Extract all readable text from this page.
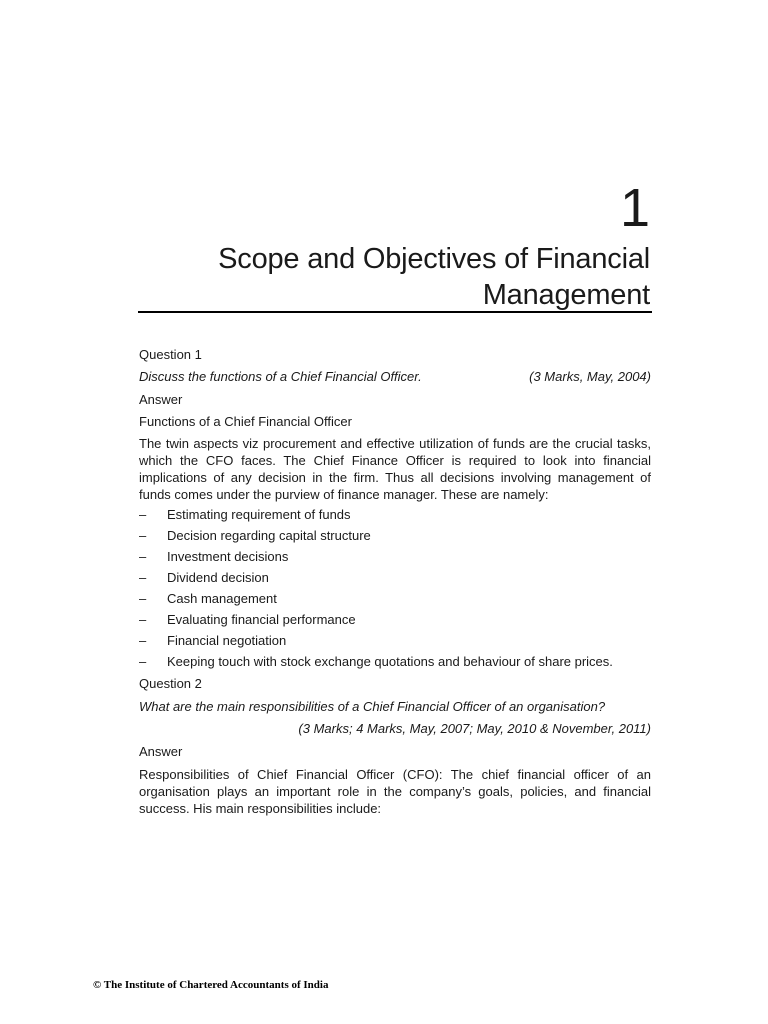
1
Scope and Objectives of Financial
Management

Question 1

Discuss the functions of a Chief Financial Officer.	(3 Marks, May, 2004)

Answer

Functions of a Chief Financial Officer

The twin aspects viz procurement and effective utilization of funds are the crucial tasks, which the CFO faces. The Chief Finance Officer is required to look into financial implications of any decision in the firm. Thus all decisions involving management of funds comes under the purview of finance manager. These are namely:

– Estimating requirement of funds
– Decision regarding capital structure
– Investment decisions
– Dividend decision
– Cash management
– Evaluating financial performance
– Financial negotiation
– Keeping touch with stock exchange quotations and behaviour of share prices.

Question 2

What are the main responsibilities of a Chief Financial Officer of an organisation?

(3 Marks; 4 Marks, May, 2007; May, 2010 & November, 2011)

Answer

Responsibilities of Chief Financial Officer (CFO): The chief financial officer of an organisation plays an important role in the company’s goals, policies, and financial success. His main responsibilities include:

© The Institute of Chartered Accountants of India
